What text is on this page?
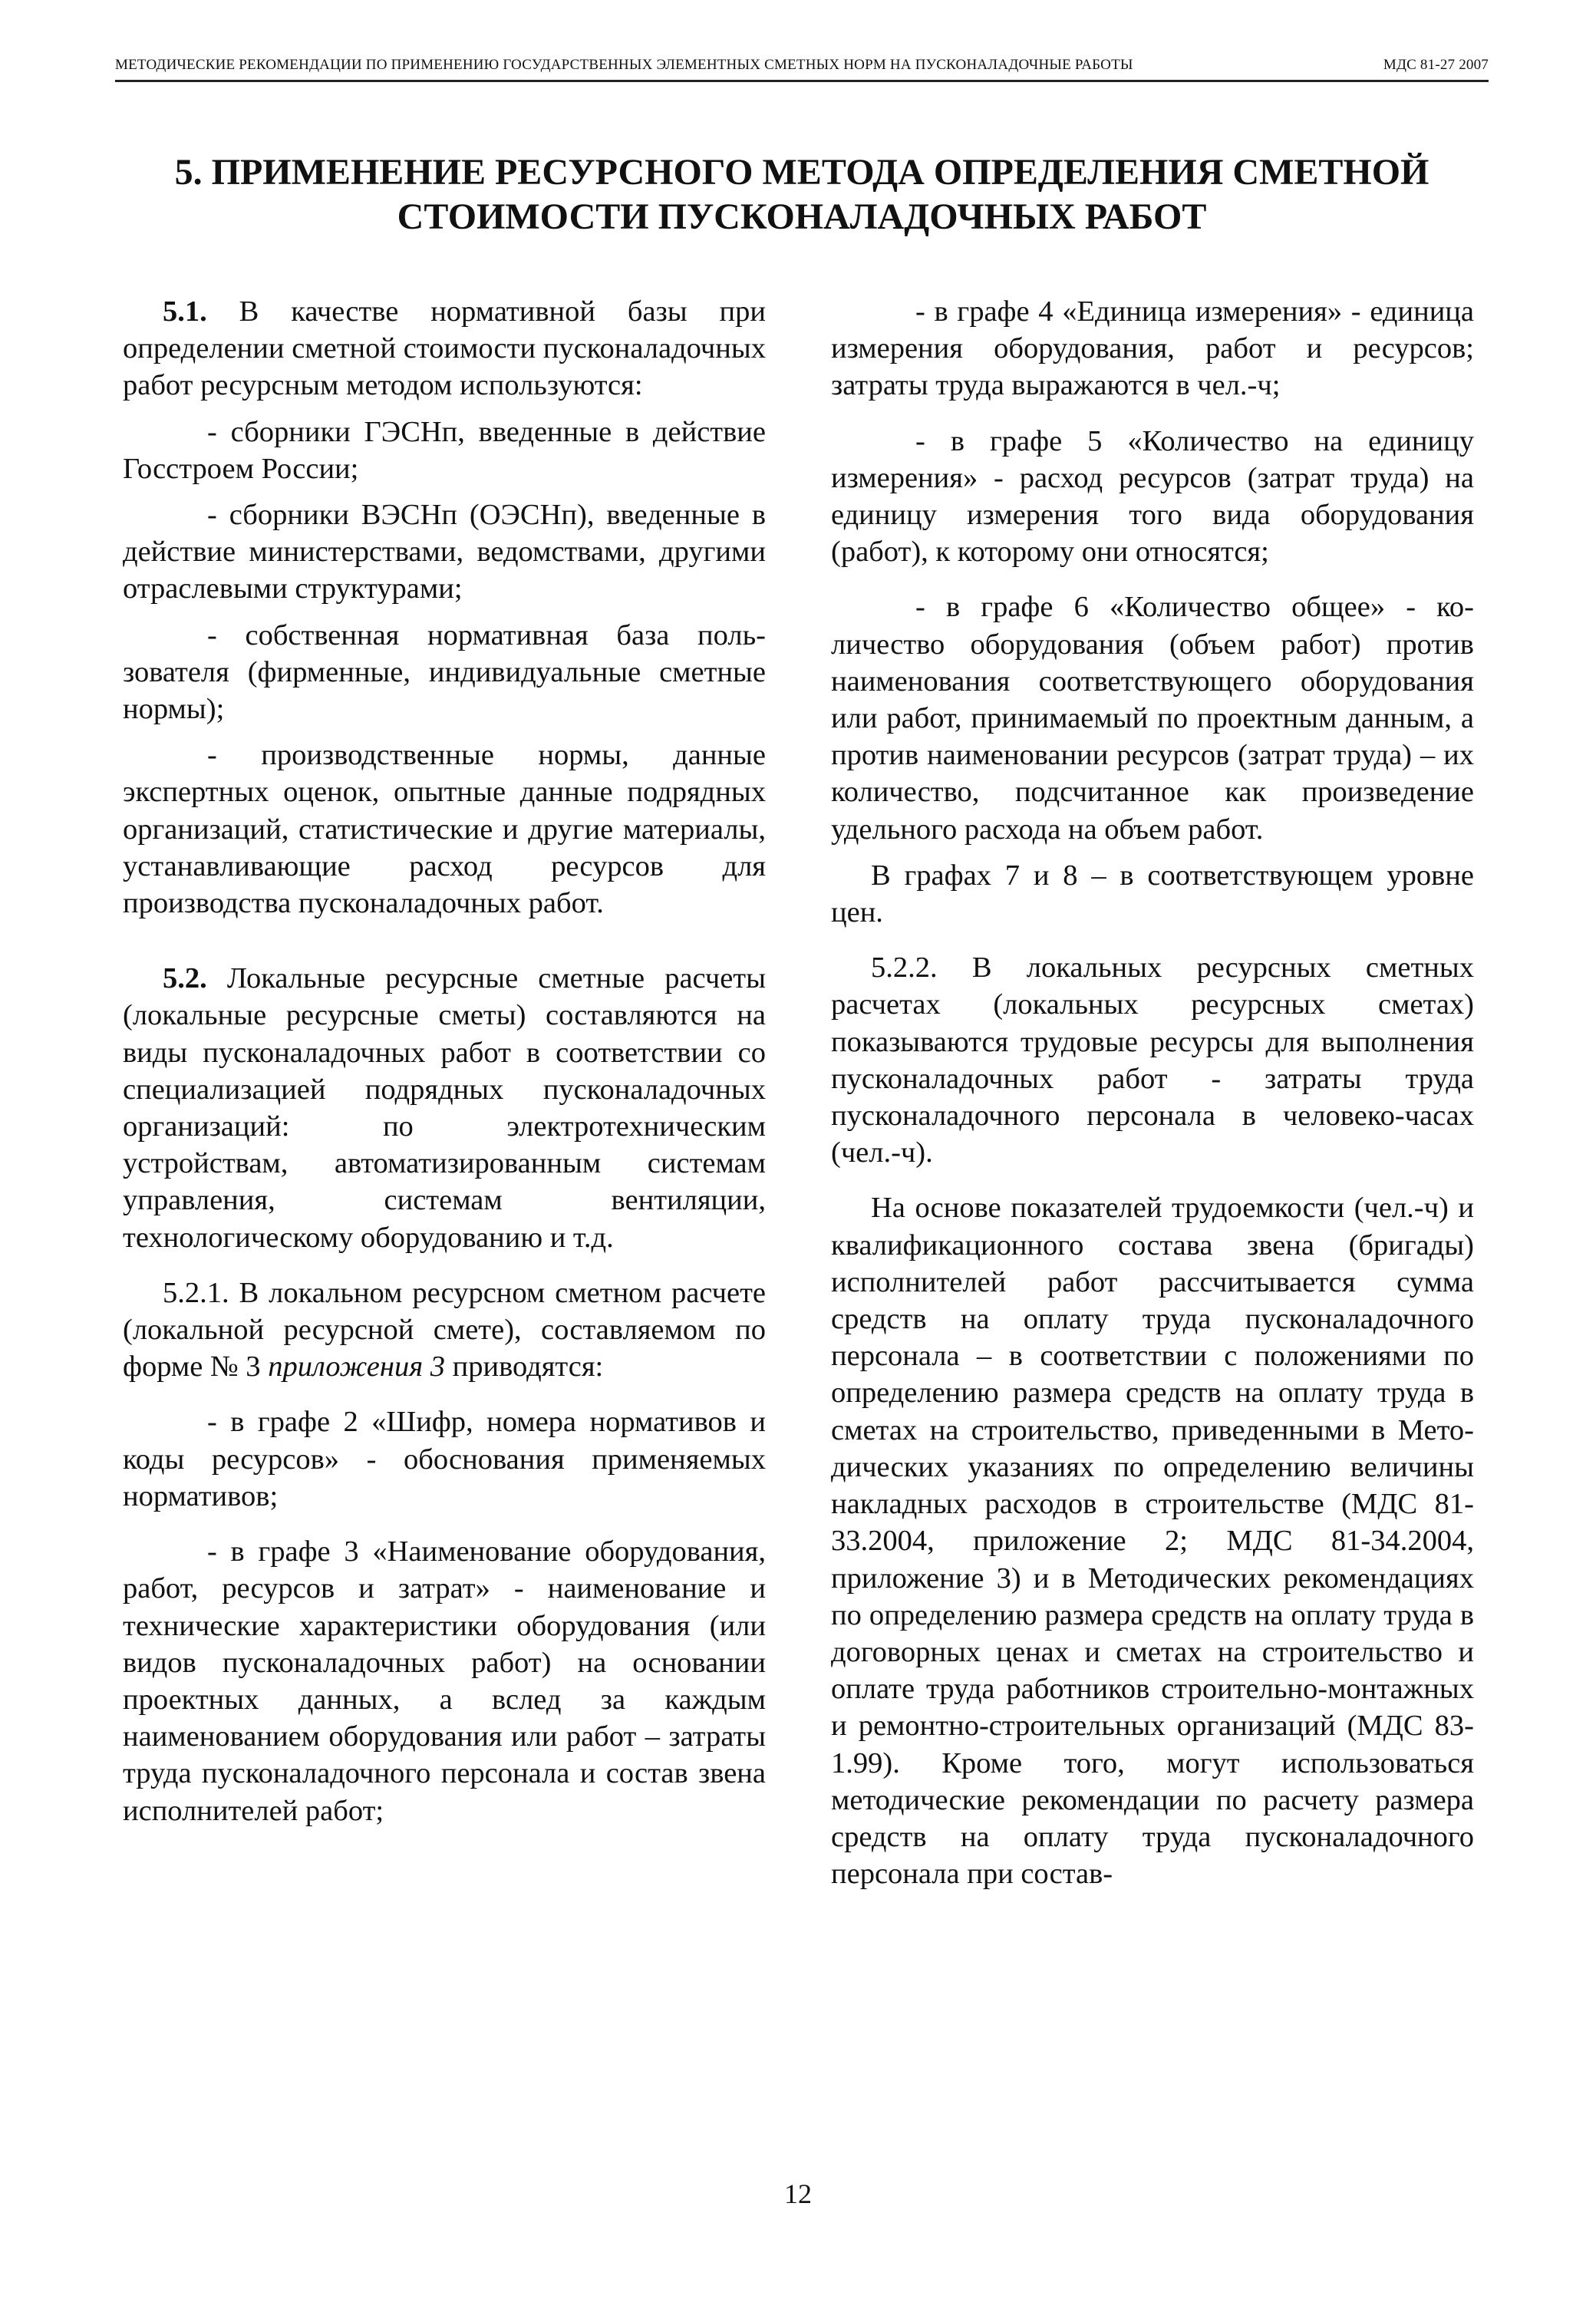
МЕТОДИЧЕСКИЕ РЕКОМЕНДАЦИИ ПО ПРИМЕНЕНИЮ ГОСУДАРСТВЕННЫХ ЭЛЕМЕНТНЫХ СМЕТНЫХ НОРМ НА ПУСКОНАЛАДОЧНЫЕ РАБОТЫ	МДС 81-27 2007
5. ПРИМЕНЕНИЕ РЕСУРСНОГО МЕТОДА ОПРЕДЕЛЕНИЯ СМЕТНОЙ
СТОИМОСТИ ПУСКОНАЛАДОЧНЫХ РАБОТ

5.1. В качестве нормативной базы при определении сметной стоимости пусконаладочных работ ресурсным методом используются:

- сборники ГЭСНп, введенные в действие Госстроем России;

- сборники ВЭСНп (ОЭСНп), введенные в действие министерствами, ведомствами, другими отраслевыми структурами;

- собственная нормативная база пользователя (фирменные, индивидуальные сметные нормы);

- производственные нормы, данные экспертных оценок, опытные данные подрядных организаций, статистические и другие материалы, устанавливающие расход ресурсов для производства пусконаладочных работ.

5.2. Локальные ресурсные сметные расчеты (локальные ресурсные сметы) составляются на виды пусконаладочных работ в соответствии со специализацией подрядных пусконаладочных организаций: по электротехническим устройствам, автоматизированным системам управления, системам вентиляции, технологическому оборудованию и т.д.

5.2.1. В локальном ресурсном сметном расчете (локальной ресурсной смете), составляемом по форме № 3 приложения 3 приводятся:

- в графе 2 «Шифр, номера нормативов и коды ресурсов» - обоснования применяемых нормативов;

- в графе 3 «Наименование оборудования, работ, ресурсов и затрат» - наименование и технические характеристики оборудования (или видов пусконаладочных работ) на основании проектных данных, а вслед за каждым наименованием оборудования или работ – затраты труда пусконаладочного персонала и состав звена исполнителей работ;

- в графе 4 «Единица измерения» - единица измерения оборудования, работ и ресурсов; затраты труда выражаются в чел.-ч;

- в графе 5 «Количество на единицу измерения» - расход ресурсов (затрат труда) на единицу измерения того вида оборудования (работ), к которому они относятся;

- в графе 6 «Количество общее» - количество оборудования (объем работ) против наименования соответствующего оборудования или работ, принимаемый по проектным данным, а против наименовании ресурсов (затрат труда) – их количество, подсчитанное как произведение удельного расхода на объем работ.

В графах 7 и 8 – в соответствующем уровне цен.

5.2.2. В локальных ресурсных сметных расчетах (локальных ресурсных сметах) показываются трудовые ресурсы для выполнения пусконаладочных работ - затраты труда пусконаладочного персонала в человеко-часах (чел.-ч).

На основе показателей трудоемкости (чел.-ч) и квалификационного состава звена (бригады) исполнителей работ рассчитывается сумма средств на оплату труда пусконаладочного персонала – в соответствии с положениями по определению размера средств на оплату труда в сметах на строительство, приведенными в Методических указаниях по определению величины накладных расходов в строительстве (МДС 81-33.2004, приложение 2; МДС 81-34.2004, приложение 3) и в Методических рекомендациях по определению размера средств на оплату труда в договорных ценах и сметах на строительство и оплате труда работников строительно-монтажных и ремонтно-строительных организаций (МДС 83-1.99). Кроме того, могут использоваться методические рекомендации по расчету размера средств на оплату труда пусконаладочного персонала при состав-

12
